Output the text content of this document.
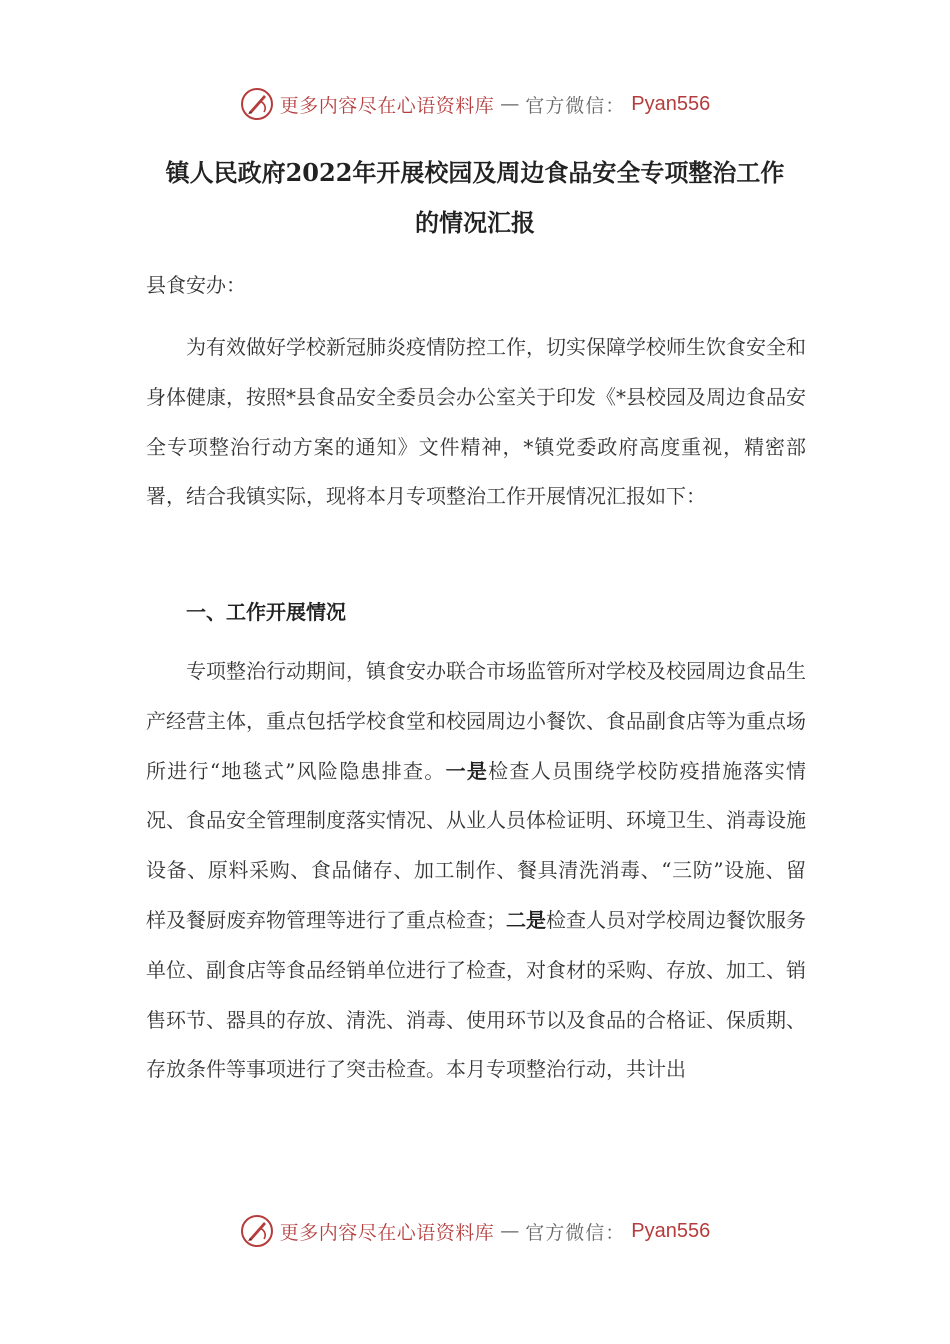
更多内容尽在心语资料库 — 官方微信： Pyan556
镇人民政府2022年开展校园及周边食品安全专项整治工作
的情况汇报
县食安办：
为有效做好学校新冠肺炎疫情防控工作，切实保障学校师生饮食安全和身体健康，按照*县食品安全委员会办公室关于印发《*县校园及周边食品安全专项整治行动方案的通知》文件精神，*镇党委政府高度重视，精密部署，结合我镇实际，现将本月专项整治工作开展情况汇报如下：
一、工作开展情况
专项整治行动期间，镇食安办联合市场监管所对学校及校园周边食品生产经营主体，重点包括学校食堂和校园周边小餐饮、食品副食店等为重点场所进行“地毯式”风险隐患排查。一是检查人员围绕学校防疫措施落实情况、食品安全管理制度落实情况、从业人员体检证明、环境卫生、消毒设施设备、原料采购、食品储存、加工制作、餐具清洗消毒、“三防”设施、留样及餐厨废弃物管理等进行了重点检查；二是检查人员对学校周边餐饮服务单位、副食店等食品经销单位进行了检查，对食材的采购、存放、加工、销售环节、器具的存放、清洗、消毒、使用环节以及食品的合格证、保质期、存放条件等事项进行了突击检查。本月专项整治行动，共计出
更多内容尽在心语资料库 — 官方微信： Pyan556
